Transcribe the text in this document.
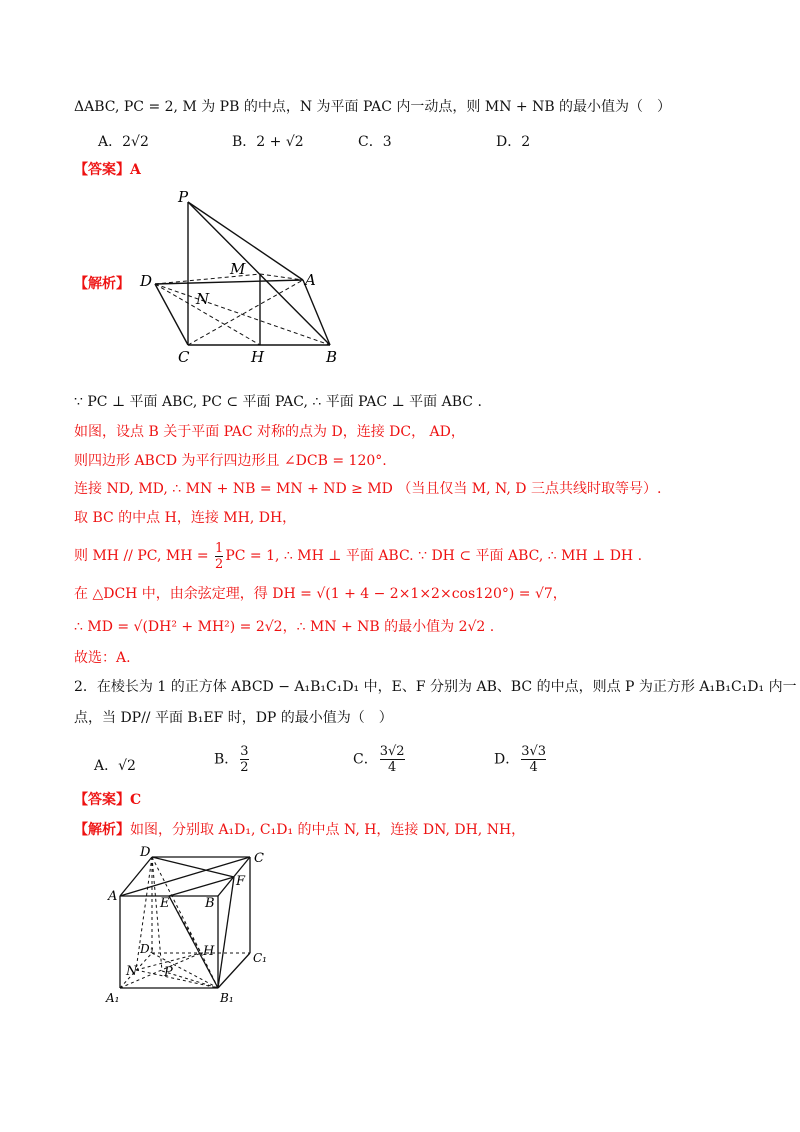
ΔABC, PC = 2, M 为 PB 的中点，N 为平面 PAC 内一动点，则 MN + NB 的最小值为（　）
A．2√2	B．2 + √2	C．3	D．2
【答案】A
【解析】
P
D
M
A
N
C	H	B
∵ PC ⊥ 平面 ABC, PC ⊂ 平面 PAC, ∴ 平面 PAC ⊥ 平面 ABC .
如图，设点 B 关于平面 PAC 对称的点为 D，连接 DC， AD，
则四边形 ABCD 为平行四边形且 ∠DCB = 120°.
连接 ND, MD, ∴ MN + NB = MN + ND ≥ MD （当且仅当 M, N, D 三点共线时取等号）.
取 BC 的中点 H，连接 MH, DH，
则 MH // PC, MH = $\frac{1}{2}$ PC = 1, ∴ MH ⊥ 平面 ABC. ∵ DH ⊂ 平面 ABC, ∴ MH ⊥ DH .
在 △DCH 中，由余弦定理，得 DH = √(1 + 4 − 2×1×2×cos120°) = √7，
∴ MD = √(DH² + MH²) = 2√2，∴ MN + NB 的最小值为 2√2 .
故选：A.
2．在棱长为 1 的正方体 ABCD − A₁B₁C₁D₁ 中，E、F 分别为 AB、BC 的中点，则点 P 为正方形 A₁B₁C₁D₁ 内一
点，当 DP// 平面 B₁EF 时，DP 的最小值为（　）
A．√2	B． $\frac{3}{2}$	C． $\frac{3√2}{4}$	D． $\frac{3√3}{4}$
【答案】C
【解析】如图，分别取 A₁D₁, C₁D₁ 的中点 N, H，连接 DN, DH, NH，
D	C
A
F
E	B
D₁	H	C₁
N P
A₁	B₁
